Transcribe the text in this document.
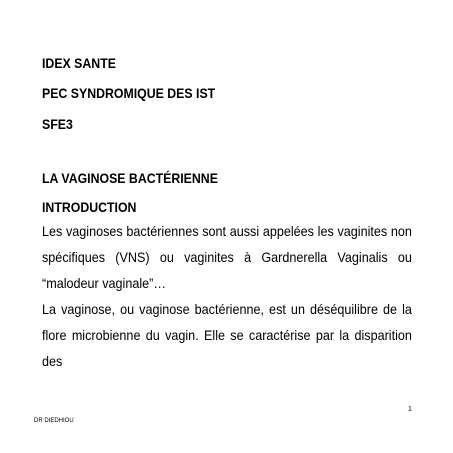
IDEX SANTE

PEC SYNDROMIQUE DES IST

SFE3

LA VAGINOSE BACTÉRIENNE

INTRODUCTION

Les vaginoses bactériennes sont aussi appelées les vaginites non spécifiques (VNS) ou vaginites à Gardnerella Vaginalis ou “malodeur vaginale”…

La vaginose, ou vaginose bactérienne, est un déséquilibre de la flore microbienne du vagin. Elle se caractérise par la disparition des

DR DIEDHIOU
1
